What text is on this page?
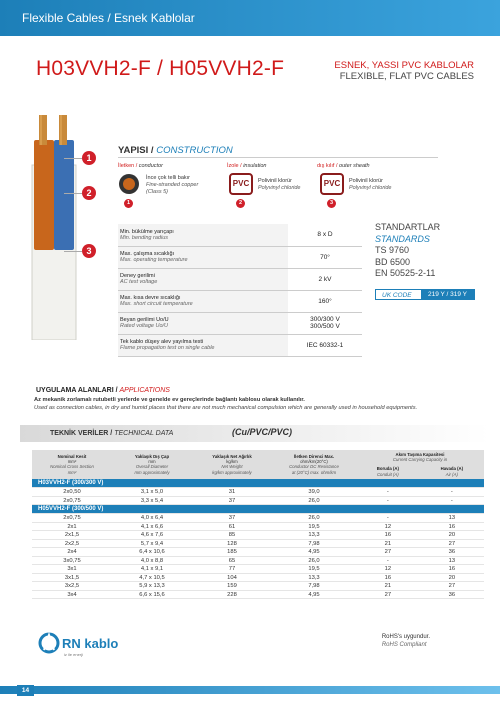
Flexible Cables / Esnek Kablolar
H03VVH2-F / H05VVH2-F	ESNEK, YASSI PVC KABLOLAR
FLEXIBLE, FLAT PVC CABLES
1
2
3
YAPISI / CONSTRUCTION
İletken / conductor
İnce çok telli bakır
Fine-stranded copper
(Class 5)
1
İzole / insulation
PVC	Polivinil klorür
Polyvinyl chloride
2
dış kılıf / outer sheath
PVC	Polivinil klorür
Polyvinyl chloride
3
Min. bükülme yarıçapı
Min. bending radius	8 x D
Max. çalışma sıcaklığı
Max. operating temperature	70°
Deney gerilimi
AC test voltage	2 kV
Max. kısa devre sıcaklığı
Max. short circuit temperature	160°
Beyan gerilimi Uo/U
Rated voltage Uo/U	300/300 V
300/500 V
Tek kablo düşey alev yayılma testi
Flame propagation test on single cable	IEC 60332-1
STANDARTLAR
STANDARDS
TS 9760
BD 6500
EN 50525-2-11
UK CODE	219 Y / 319 Y
UYGULAMA ALANLARI / APPLICATIONS
Az mekanik zorlamalı rutubetli yerlerde ve genelde ev gereçlerinde bağlantı kablosu olarak kullanılır.
Used as connection cables, in dry and humid places that there are not much mechanical compulsion which are generally used in household equipments.
TEKNİK VERİLER / TECHNICAL DATA	(Cu/PVC/PVC)
Nominal Kesit
mm²
Nominal Cross Section
mm²	Yaklaşık Dış Çap
mm
Overall Diameter
mm approximately	Yaklaşık Net Ağırlık
kg/km
Net Weight
kg/km approximately	İletken Direnci Max.
ohm/km(20°C)
Conductor DC Resistance
at (20°C) max. ohm/km	Akım Taşıma Kapasitesi
Current Carrying Capacity in	
				Boruda (A)
Conduit (A)	Havada (A)
Air (A)
H03VVH2-F (300/300 V)					
2x0,50	3,1 x 5,0	31	39,0	-	-
2x0,75	3,3 x 5,4	37	26,0	-	-
H05VVH2-F (300/500 V)					
2x0,75	4,0 x 6,4	37	26,0	-	13
2x1	4,1 x 6,6	61	19,5	12	16
2x1,5	4,6 x 7,6	85	13,3	16	20
2x2,5	5,7 x 9,4	128	7,98	21	27
2x4	6,4 x 10,6	185	4,95	27	36
3x0,75	4,0 x 8,8	65	26,0	-	13
3x1	4,1 x 9,1	77	19,5	12	16
3x1,5	4,7 x 10,5	104	13,3	16	20
3x2,5	5,9 x 13,3	159	7,98	21	27
3x4	6,6 x 15,6	228	4,95	27	36
RN kablo
iz ile enerji
RoHS's uygundur.
RoHS Compliant
14
